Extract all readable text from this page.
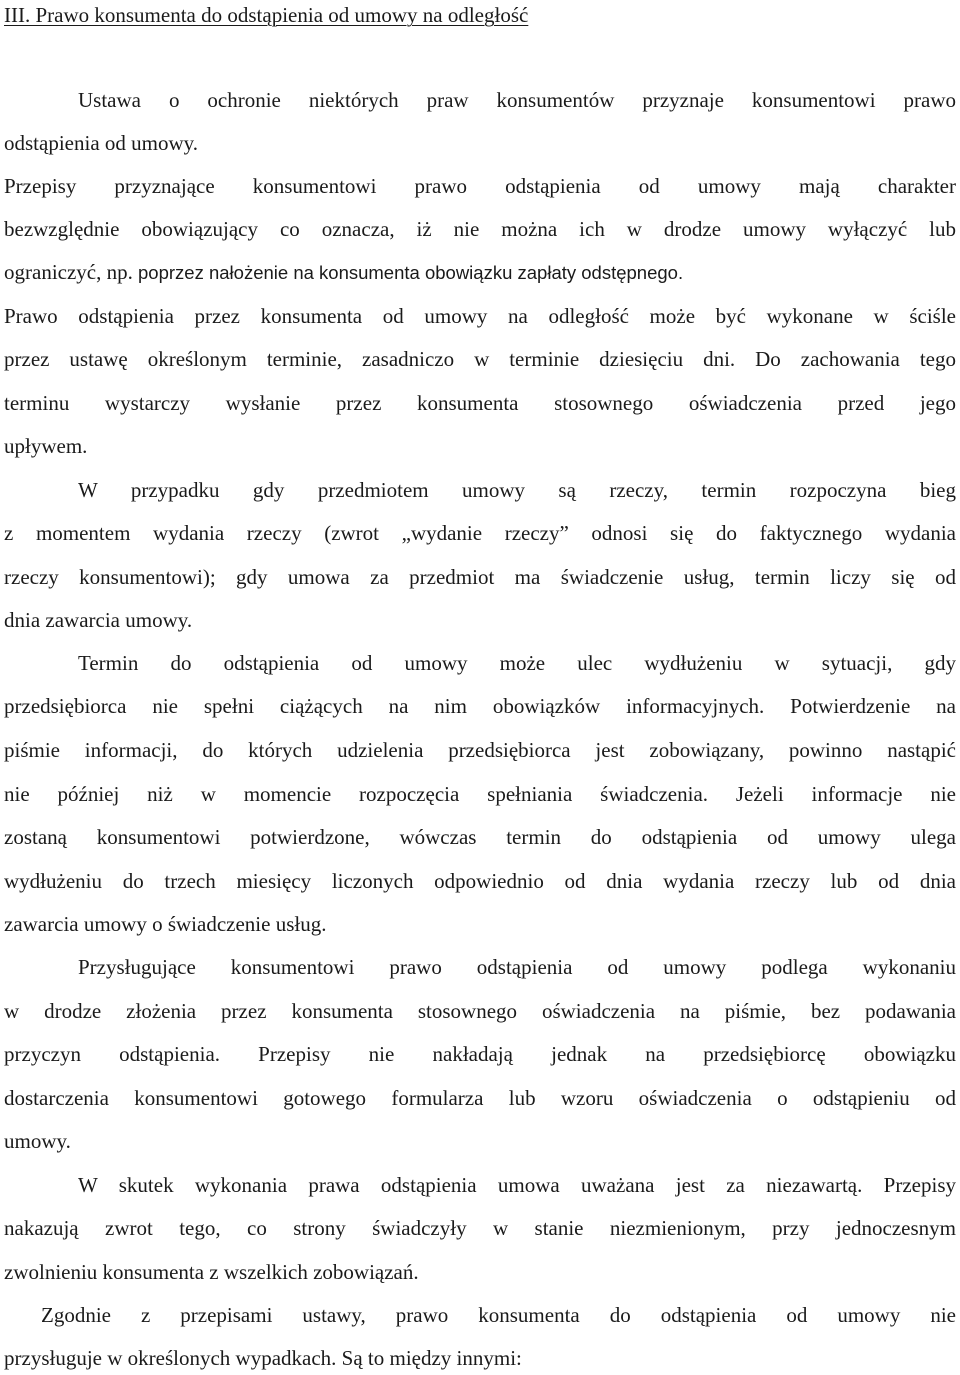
III. Prawo konsumenta do odstąpienia od umowy na odległość
Ustawa o ochronie niektórych praw konsumentów przyznaje konsumentowi prawo
odstąpienia od umowy.
Przepisy przyznające konsumentowi prawo odstąpienia od umowy mają charakter
bezwzględnie obowiązujący co oznacza, iż nie można ich w drodze umowy wyłączyć lub
ograniczyć, np. poprzez nałożenie na konsumenta obowiązku zapłaty odstępnego.
Prawo odstąpienia przez konsumenta od umowy na odległość może być wykonane w ściśle
przez ustawę określonym terminie, zasadniczo w terminie dziesięciu dni. Do zachowania tego
terminu wystarczy wysłanie przez konsumenta stosownego oświadczenia przed jego
upływem.
W przypadku gdy przedmiotem umowy są rzeczy, termin rozpoczyna bieg
z momentem wydania rzeczy (zwrot „wydanie rzeczy” odnosi się do faktycznego wydania
rzeczy konsumentowi); gdy umowa za przedmiot ma świadczenie usług, termin liczy się od
dnia zawarcia umowy.
Termin do odstąpienia od umowy może ulec wydłużeniu w sytuacji, gdy
przedsiębiorca nie spełni ciążących na nim obowiązków informacyjnych. Potwierdzenie na
piśmie informacji, do których udzielenia przedsiębiorca jest zobowiązany, powinno nastąpić
nie później niż w momencie rozpoczęcia spełniania świadczenia. Jeżeli informacje nie
zostaną konsumentowi potwierdzone, wówczas termin do odstąpienia od umowy ulega
wydłużeniu do trzech miesięcy liczonych odpowiednio od dnia wydania rzeczy lub od dnia
zawarcia umowy o świadczenie usług.
Przysługujące konsumentowi prawo odstąpienia od umowy podlega wykonaniu
w drodze złożenia przez konsumenta stosownego oświadczenia na piśmie, bez podawania
przyczyn odstąpienia. Przepisy nie nakładają jednak na przedsiębiorcę obowiązku
dostarczenia konsumentowi gotowego formularza lub wzoru oświadczenia o odstąpieniu od
umowy.
W skutek wykonania prawa odstąpienia umowa uważana jest za niezawartą. Przepisy
nakazują zwrot tego, co strony świadczyły w stanie niezmienionym, przy jednoczesnym
zwolnieniu konsumenta z wszelkich zobowiązań.
Zgodnie z przepisami ustawy, prawo konsumenta do odstąpienia od umowy nie
przysługuje w określonych wypadkach. Są to między innymi:
